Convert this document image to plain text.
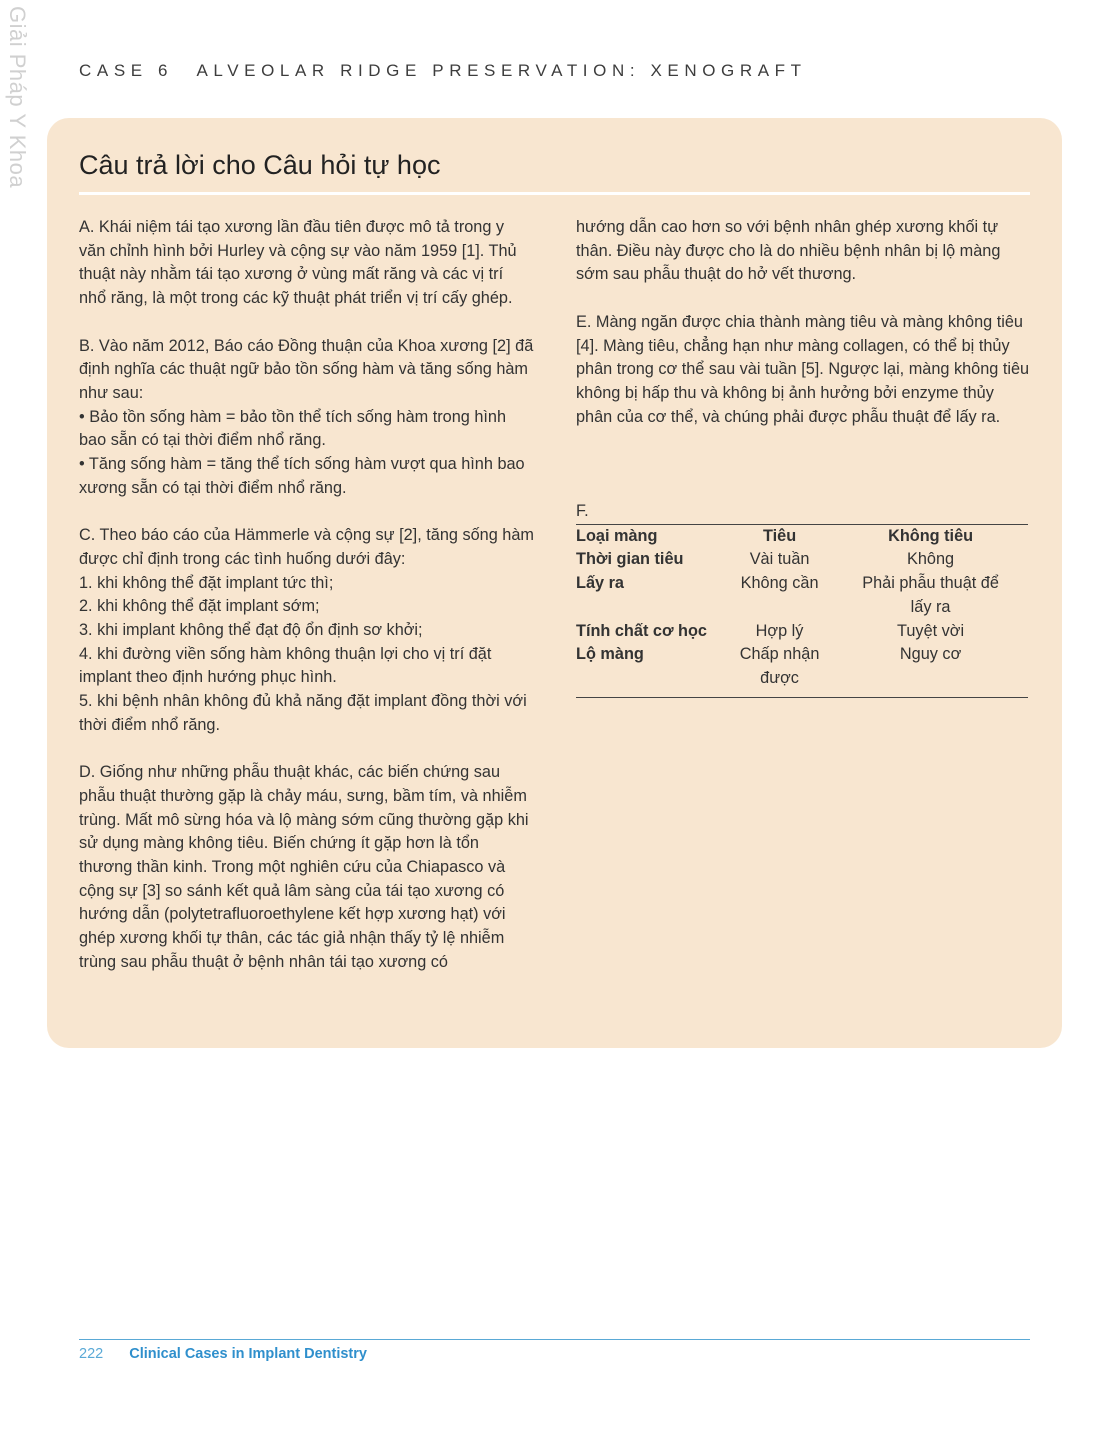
Giải Pháp Y Khoa	CASE 6 ALVEOLAR RIDGE PRESERVATION: XENOGRAFT
Câu trả lời cho Câu hỏi tự học

A. Khái niệm tái tạo xương lần đầu tiên được mô tả trong y văn chỉnh hình bởi Hurley và cộng sự vào năm 1959 [1]. Thủ thuật này nhằm tái tạo xương ở vùng mất răng và các vị trí nhổ răng, là một trong các kỹ thuật phát triển vị trí cấy ghép.

B. Vào năm 2012, Báo cáo Đồng thuận của Khoa xương [2] đã định nghĩa các thuật ngữ bảo tồn sống hàm và tăng sống hàm như sau:

• Bảo tồn sống hàm = bảo tồn thể tích sống hàm trong hình bao sẵn có tại thời điểm nhổ răng.

• Tăng sống hàm = tăng thể tích sống hàm vượt qua hình bao xương sẵn có tại thời điểm nhổ răng.

C. Theo báo cáo của Hämmerle và cộng sự [2], tăng sống hàm được chỉ định trong các tình huống dưới đây:

1. khi không thể đặt implant tức thì;

2. khi không thể đặt implant sớm;

3. khi implant không thể đạt độ ổn định sơ khởi;

4. khi đường viền sống hàm không thuận lợi cho vị trí đặt implant theo định hướng phục hình.

5. khi bệnh nhân không đủ khả năng đặt implant đồng thời với thời điểm nhổ răng.

D. Giống như những phẫu thuật khác, các biến chứng sau phẫu thuật thường gặp là chảy máu, sưng, bầm tím, và nhiễm trùng. Mất mô sừng hóa và lộ màng sớm cũng thường gặp khi sử dụng màng không tiêu. Biến chứng ít gặp hơn là tổn thương thần kinh. Trong một nghiên cứu của Chiapasco và cộng sự [3] so sánh kết quả lâm sàng của tái tạo xương có hướng dẫn (polytetrafluoroethylene kết hợp xương hạt) với ghép xương khối tự thân, các tác giả nhận thấy tỷ lệ nhiễm trùng sau phẫu thuật ở bệnh nhân tái tạo xương có

hướng dẫn cao hơn so với bệnh nhân ghép xương khối tự thân. Điều này được cho là do nhiều bệnh nhân bị lộ màng sớm sau phẫu thuật do hở vết thương.

E. Màng ngăn được chia thành màng tiêu và màng không tiêu [4]. Màng tiêu, chẳng hạn như màng collagen, có thể bị thủy phân trong cơ thể sau vài tuần [5]. Ngược lại, màng không tiêu không bị hấp thu và không bị ảnh hưởng bởi enzyme thủy phân của cơ thể, và chúng phải được phẫu thuật để lấy ra.

F.

Loại màng	Tiêu	Không tiêu
Thời gian tiêu	Vài tuần	Không
Lấy ra	Không cần	Phải phẫu thuật để lấy ra
Tính chất cơ học	Hợp lý	Tuyệt vời
Lộ màng	Chấp nhận được	Nguy cơ
222 Clinical Cases in Implant Dentistry
